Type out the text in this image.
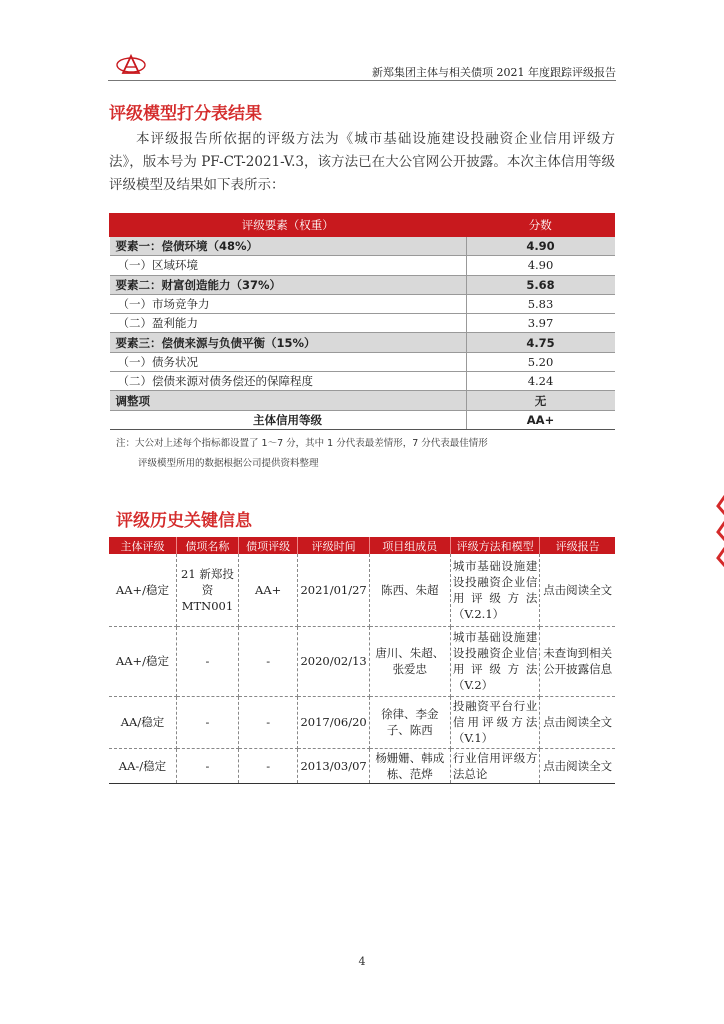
新郑集团主体与相关债项 2021 年度跟踪评级报告
评级模型打分表结果
本评级报告所依据的评级方法为《城市基础设施建设投融资企业信用评级方法》，版本号为 PF-CT-2021-V.3，该方法已在大公官网公开披露。本次主体信用等级评级模型及结果如下表所示：
评级要素（权重）	分数
要素一：偿债环境（48%）	4.90
（一）区域环境	4.90
要素二：财富创造能力（37%）	5.68
（一）市场竞争力	5.83
（二）盈利能力	3.97
要素三：偿债来源与负债平衡（15%）	4.75
（一）债务状况	5.20
（二）偿债来源对债务偿还的保障程度	4.24
调整项	无
主体信用等级	AA+
注：大公对上述每个指标都设置了 1～7 分，其中 1 分代表最差情形，7 分代表最佳情形
评级模型所用的数据根据公司提供资料整理
评级历史关键信息
主体评级	债项名称	债项评级	评级时间	项目组成员	评级方法和模型	评级报告
AA+/稳定	21 新郑投资 MTN001	AA+	2021/01/27	陈西、朱超	城市基础设施建设投融资企业信用评级方法（V.2.1）	点击阅读全文
AA+/稳定	-	-	2020/02/13	唐川、朱超、张爱忠	城市基础设施建设投融资企业信用评级方法（V.2）	未查询到相关公开披露信息
AA/稳定	-	-	2017/06/20	徐律、李金子、陈西	投融资平台行业信用评级方法（V.1）	点击阅读全文
AA-/稳定	-	-	2013/03/07	杨姗姗、韩成栋、范烨	行业信用评级方法总论	点击阅读全文
4
